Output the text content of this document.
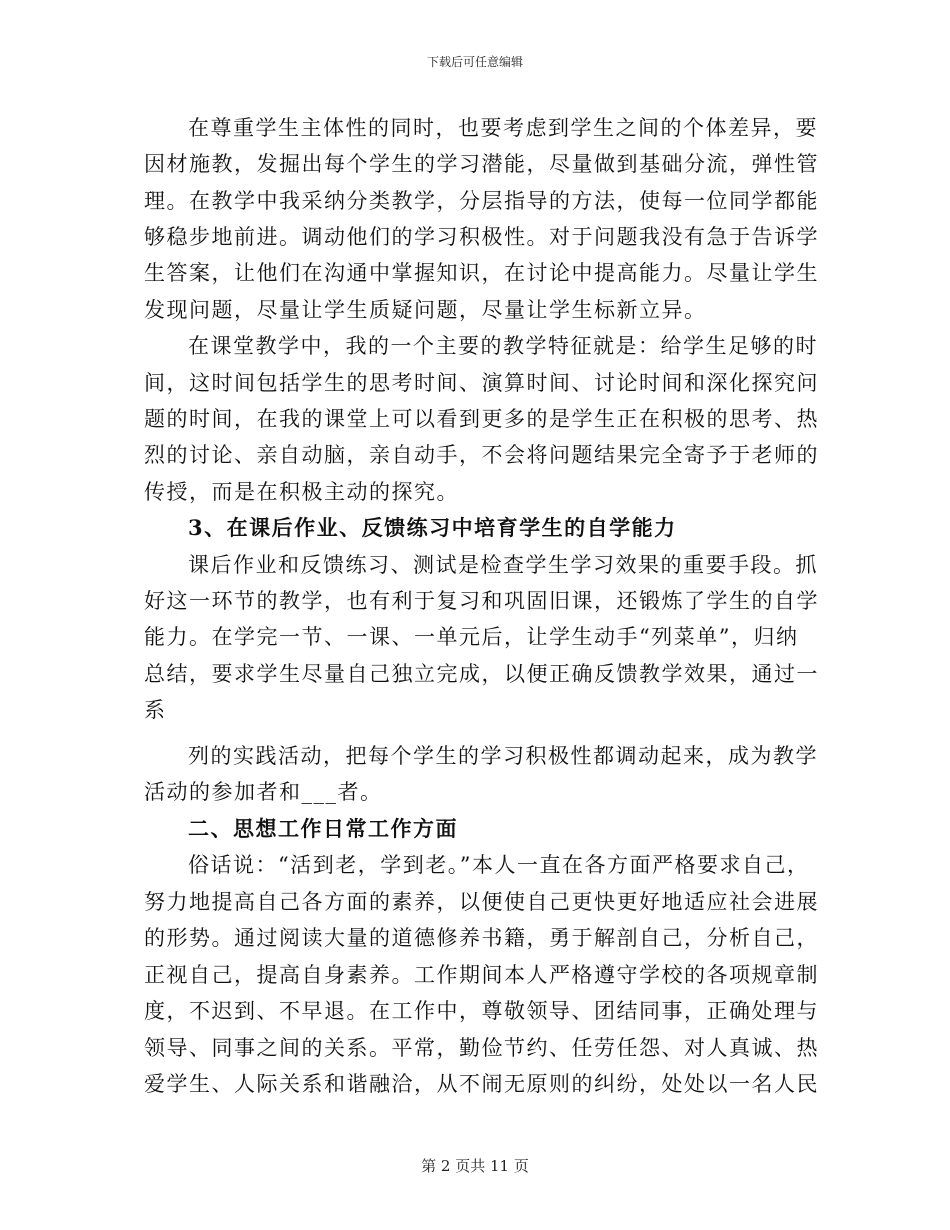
下载后可任意编辑
在尊重学生主体性的同时，也要考虑到学生之间的个体差异，要
因材施教，发掘出每个学生的学习潜能，尽量做到基础分流，弹性管
理。在教学中我采纳分类教学，分层指导的方法，使每一位同学都能
够稳步地前进。调动他们的学习积极性。对于问题我没有急于告诉学
生答案，让他们在沟通中掌握知识，在讨论中提高能力。尽量让学生
发现问题，尽量让学生质疑问题，尽量让学生标新立异。
在课堂教学中，我的一个主要的教学特征就是：给学生足够的时
间，这时间包括学生的思考时间、演算时间、讨论时间和深化探究问
题的时间，在我的课堂上可以看到更多的是学生正在积极的思考、热
烈的讨论、亲自动脑，亲自动手，不会将问题结果完全寄予于老师的
传授，而是在积极主动的探究。
3、在课后作业、反馈练习中培育学生的自学能力
课后作业和反馈练习、测试是检查学生学习效果的重要手段。抓
好这一环节的教学，也有利于复习和巩固旧课，还锻炼了学生的自学
能力。在学完一节、一课、一单元后，让学生动手“列菜单”，归纳
总结，要求学生尽量自己独立完成，以便正确反馈教学效果，通过一
系
列的实践活动，把每个学生的学习积极性都调动起来，成为教学
活动的参加者和___者。
二、思想工作日常工作方面
俗话说：“活到老，学到老。”本人一直在各方面严格要求自己，
努力地提高自己各方面的素养，以便使自己更快更好地适应社会进展
的形势。通过阅读大量的道德修养书籍，勇于解剖自己，分析自己，
正视自己，提高自身素养。工作期间本人严格遵守学校的各项规章制
度，不迟到、不早退。在工作中，尊敬领导、团结同事，正确处理与
领导、同事之间的关系。平常，勤俭节约、任劳任怨、对人真诚、热
爱学生、人际关系和谐融洽，从不闹无原则的纠纷，处处以一名人民
第 2 页共 11 页
